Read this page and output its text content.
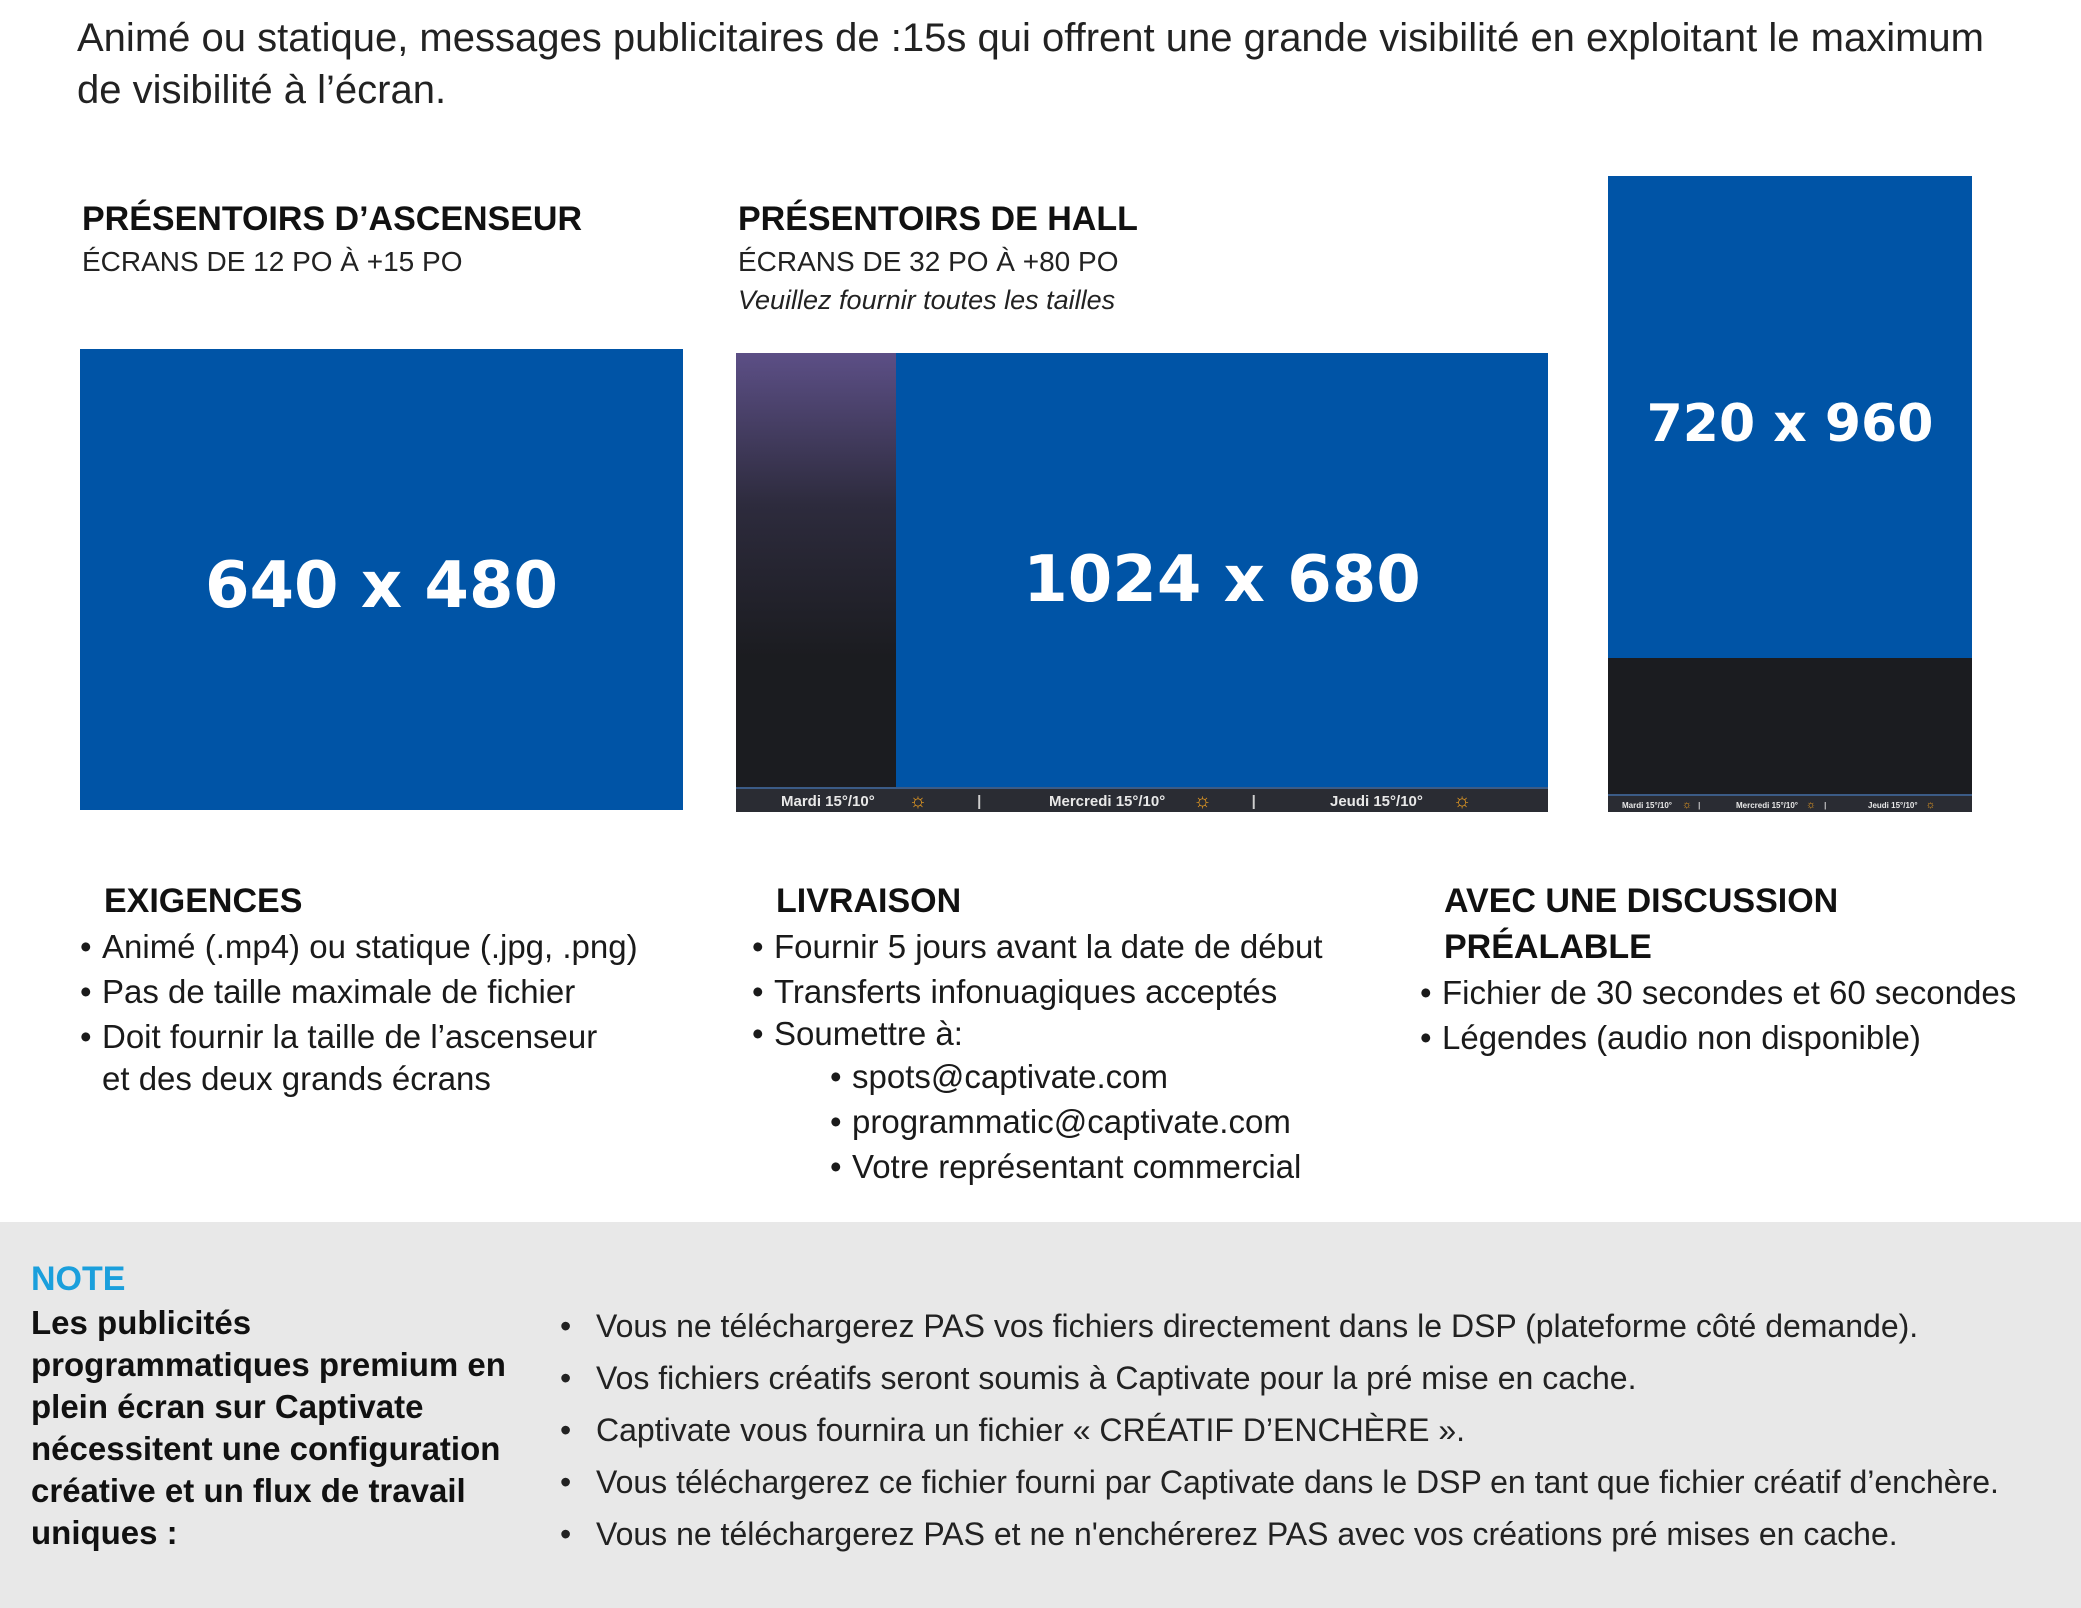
Animé ou statique, messages publicitaires de :15s qui offrent une grande visibilité en exploitant le maximum de visibilité à l’écran.
PRÉSENTOIRS D’ASCENSEUR
ÉCRANS DE 12 PO À +15 PO
640 x 480
PRÉSENTOIRS DE HALL
ÉCRANS DE 32 PO À +80 PO
Veuillez fournir toutes les tailles
1024 x 680
Mardi 15°/10° ☼	|	Mercredi 15°/10° ☼	|	Jeudi 15°/10° ☼
720 x 960
Mardi 15°/10° ☼ |	Mercredi 15°/10° ☼ |	Jeudi 15°/10° ☼
EXIGENCES
• Animé (.mp4) ou statique (.jpg, .png)
• Pas de taille maximale de fichier
• Doit fournir la taille de l’ascenseur
et des deux grands écrans
LIVRAISON
• Fournir 5 jours avant la date de début
• Transferts infonuagiques acceptés
• Soumettre à:
• spots@captivate.com
• programmatic@captivate.com
• Votre représentant commercial
AVEC UNE DISCUSSION
PRÉALABLE
• Fichier de 30 secondes et 60 secondes
• Légendes (audio non disponible)
NOTE
Les publicités programmatiques premium en plein écran sur Captivate nécessitent une configuration créative et un flux de travail uniques :
• Vous ne téléchargerez PAS vos fichiers directement dans le DSP (plateforme côté demande).
• Vos fichiers créatifs seront soumis à Captivate pour la pré mise en cache.
• Captivate vous fournira un fichier « CRÉATIF D’ENCHÈRE ».
• Vous téléchargerez ce fichier fourni par Captivate dans le DSP en tant que fichier créatif d’enchère.
• Vous ne téléchargerez PAS et ne n'enchérerez PAS avec vos créations pré mises en cache.
